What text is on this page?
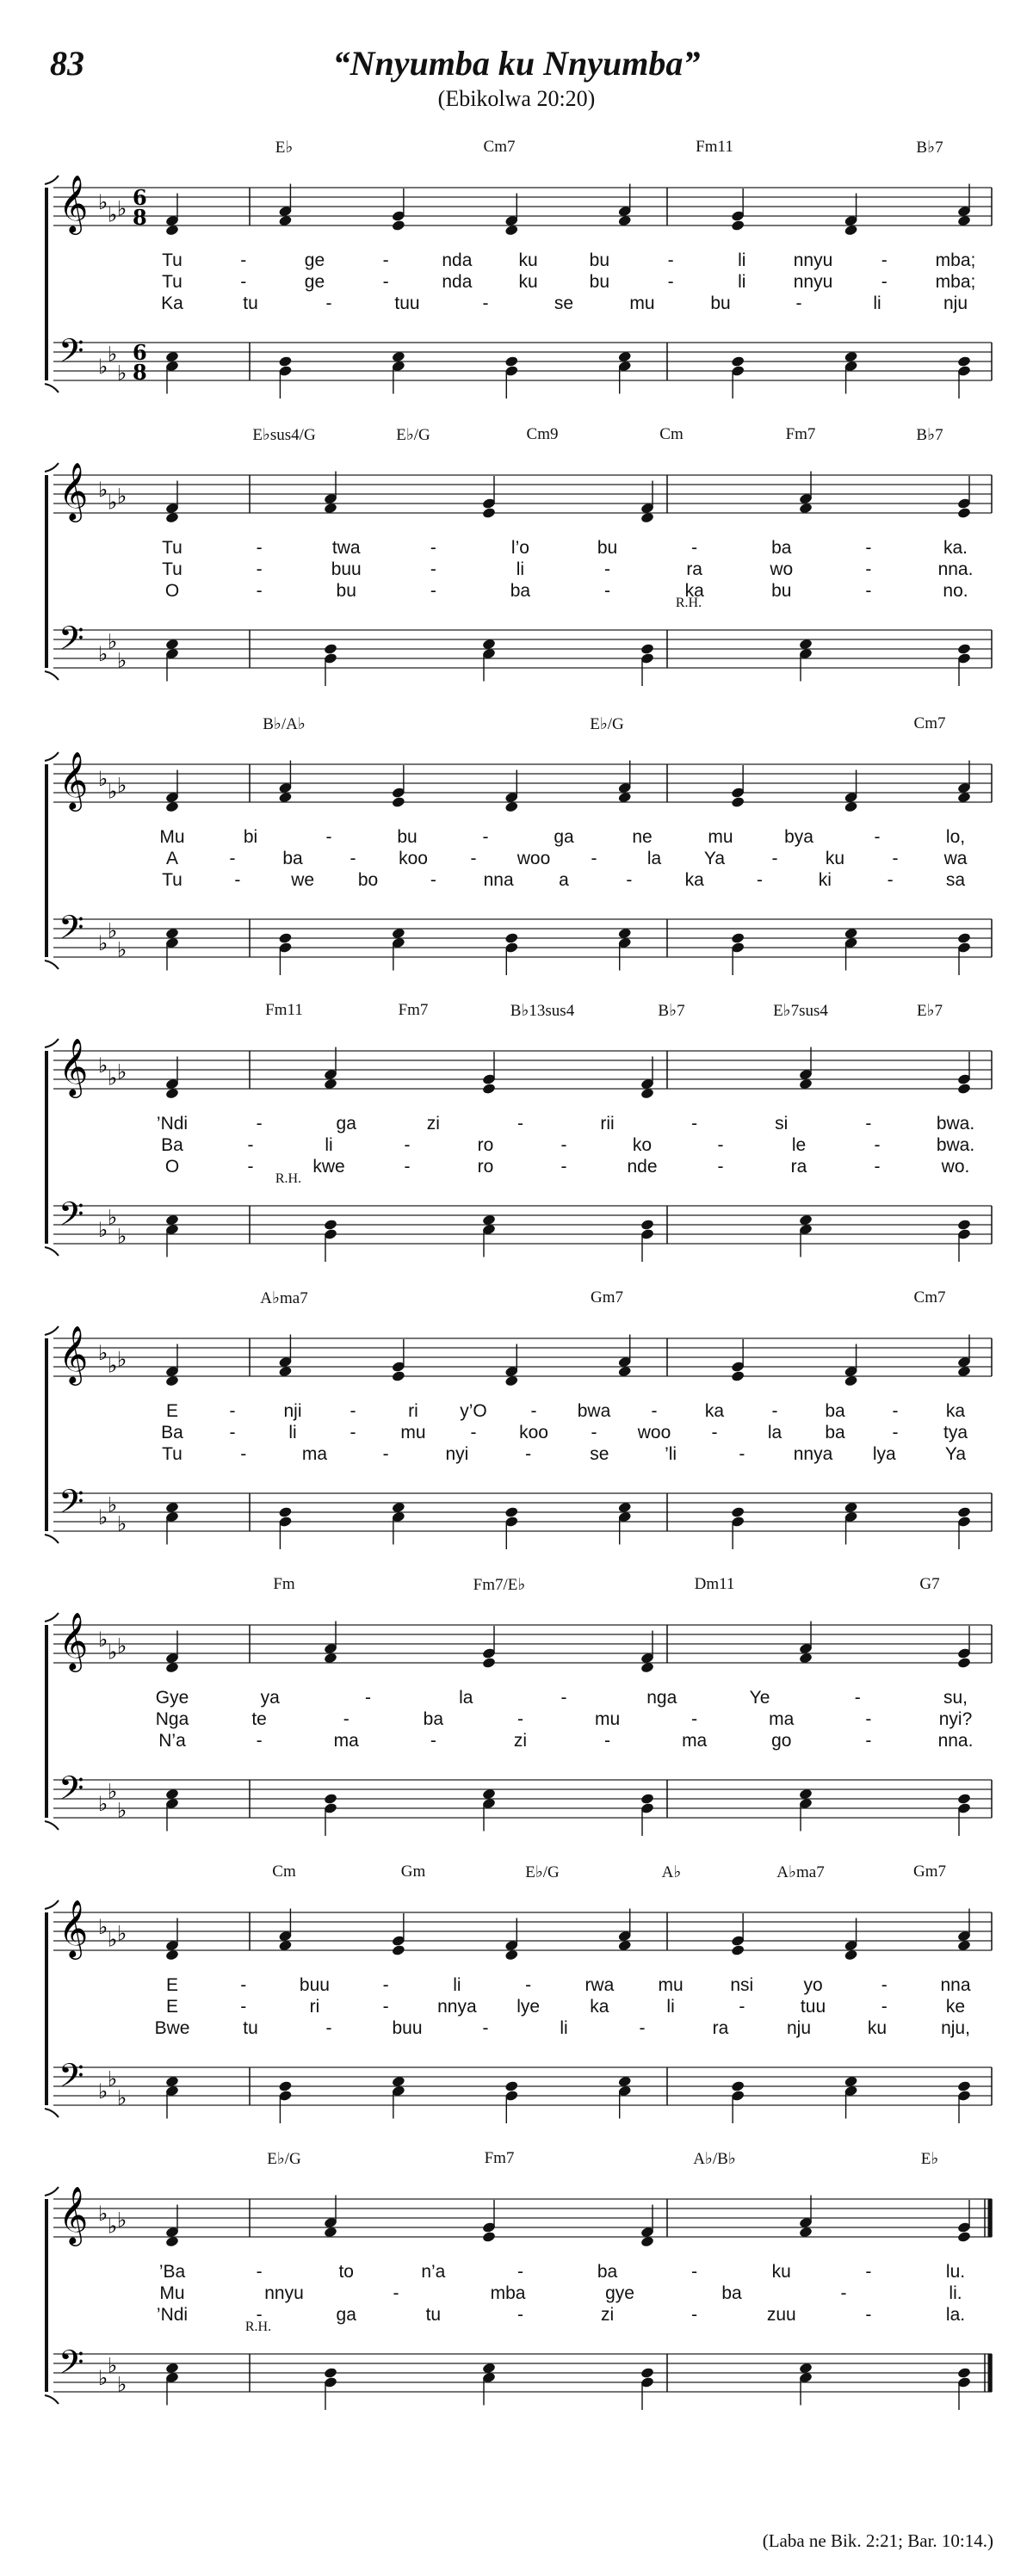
83	“Nnyumba ku Nnyumba”
(Ebikolwa 20:20)
𝄞
𝄢
♭
♭
♭
♭
♭
♭
6
8
6
8
E♭	Cm7	Fm11	B♭7
Tu	-	ge	-	nda	ku	bu	-	li	nnyu	-	mba;
Tu	-	ge	-	nda	ku	bu	-	li	nnyu	-	mba;
Ka	tu	-	tuu	-	se	mu	bu	-	li	nju
𝄞
𝄢
♭
♭
♭
♭
♭
♭
E♭sus4/G	E♭/G	Cm9	Cm	Fm7	B♭7
Tu	-	twa	-	l’o	bu	-	ba	-	ka.
Tu	-	buu	-	li	-	ra	wo	-	nna.
O	-	bu	-	ba	-	ka	bu	-	no.
R.H.
𝄞
𝄢
♭
♭
♭
♭
♭
♭
B♭/A♭	E♭/G	Cm7
Mu	bi	-	bu	-	ga	ne	mu	bya	-	lo,
A	-	ba	- koo - woo -	la Ya	-	ku	-	wa
Tu	-	we bo	-	nna a	-	ka	-	ki	-	sa
𝄞
𝄢
♭
♭
♭
♭
♭
♭
Fm11	Fm7	B♭13sus4	B♭7	E♭7sus4	E♭7
’Ndi	-	ga	zi	-	rii	-	si	-	bwa.
Ba	-	li	-	ro	-	ko	-	le	-	bwa.
O	-	kwe	-	ro	-	nde	-	ra	-	wo.
R.H.
𝄞
𝄢
♭
♭
♭
♭
♭
♭
A♭ma7	Gm7	Cm7
E	-	nji	-	ri y’O - bwa -	ka	-	ba	-	ka
Ba	-	li	- mu - koo - woo -	la ba	- tya
Tu	-	ma	-	nyi	-	se	’li	-	nnya lya	Ya
𝄞
𝄢
♭
♭
♭
♭
♭
♭
Fm	Fm7/E♭	Dm11	G7
Gye	ya	-	la	-	nga	Ye	-	su,
Nga	te	-	ba	-	mu	-	ma	-	nyi?
N’a	-	ma	-	zi	-	ma	go	-	nna.
𝄞
𝄢
♭
♭
♭
♭
♭
♭
Cm	Gm	E♭/G	A♭	A♭ma7	Gm7
E	-	buu	-	li	-	rwa mu	nsi	yo	-	nna
E	-	ri	-	nnya lye	ka	li	-	tuu	-	ke
Bwe	tu	-	buu	-	li	-	ra	nju	ku	nju,
𝄞
𝄢
♭
♭
♭
♭
♭
♭
E♭/G	Fm7	A♭/B♭	E♭
’Ba	-	to	n’a	-	ba	-	ku	-	lu.
Mu	nnyu	-	mba	gye	ba	-	li.
’Ndi	-	ga	tu	-	zi	-	zuu	-	la.
R.H.
(Laba ne Bik. 2:21; Bar. 10:14.)
